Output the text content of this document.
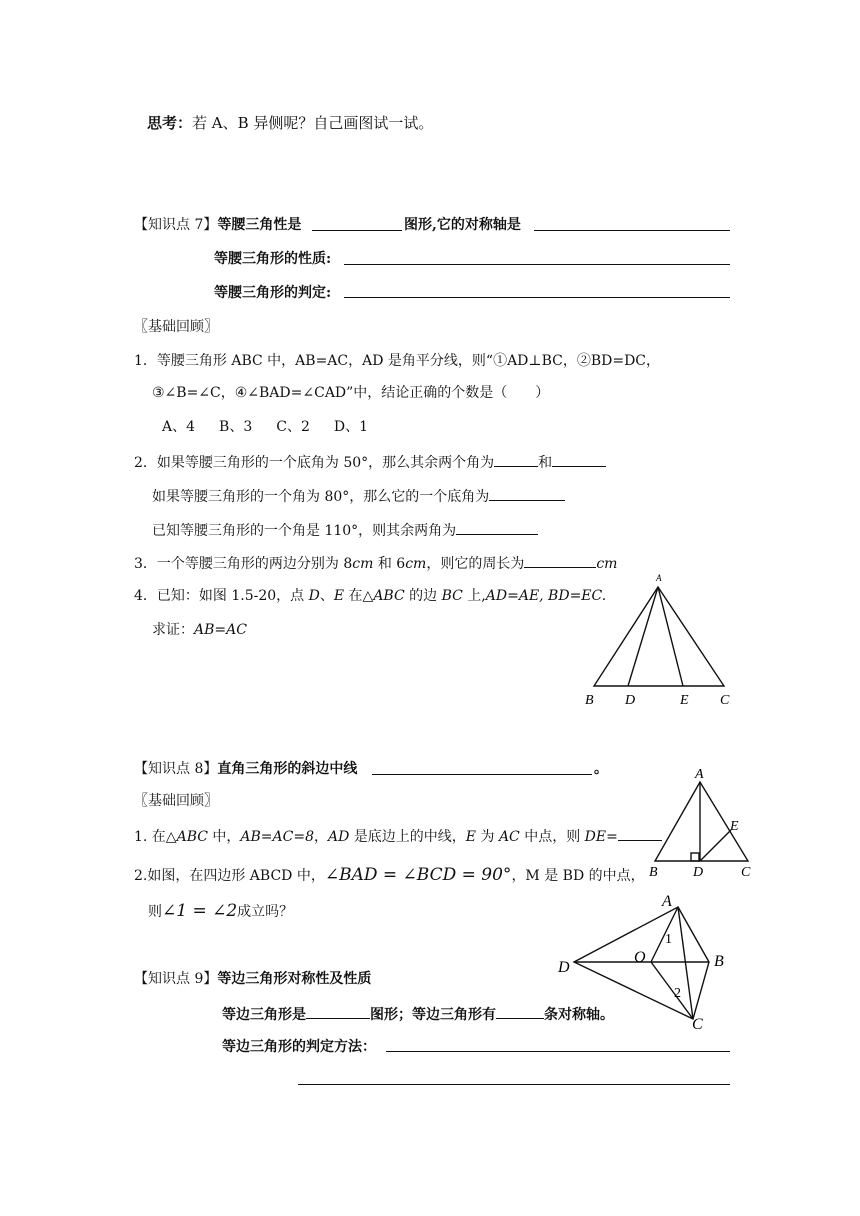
思考：若 A、B 异侧呢？自己画图试一试。
【知识点 7】等腰三角性是	图形,它的对称轴是
等腰三角形的性质:
等腰三角形的判定:
〖基础回顾〗
1．等腰三角形 ABC 中，AB=AC，AD 是角平分线，则“①AD⊥BC，②BD=DC，
③∠B=∠C，④∠BAD=∠CAD”中，结论正确的个数是（　　）
A、4 B、3 C、2 D、1
2．如果等腰三角形的一个底角为 50°，那么其余两个角为	和
如果等腰三角形的一个角为 80°，那么它的一个底角为
已知等腰三角形的一个角是 110°，则其余两角为
3．一个等腰三角形的两边分别为 8cm 和 6cm，则它的周长为	cm
4．已知：如图 1.5-20，点 D、E 在△ABC 的边 BC 上,AD=AE, BD=EC.
求证：AB=AC
A
B D	E C
【知识点 8】直角三角形的斜边中线	。
〖基础回顾〗
1. 在△ABC 中，AB=AC=8，AD 是底边上的中线，E 为 AC 中点，则 DE=
2.如图，在四边形 ABCD 中，∠BAD = ∠BCD = 90°，M 是 BD 的中点，
则∠1 = ∠2成立吗？
A
E
B	D	C
A
1
O	B
D
2
C
【知识点 9】等边三角形对称性及性质
等边三角形是	图形；等边三角形有	条对称轴。
等边三角形的判定方法：
